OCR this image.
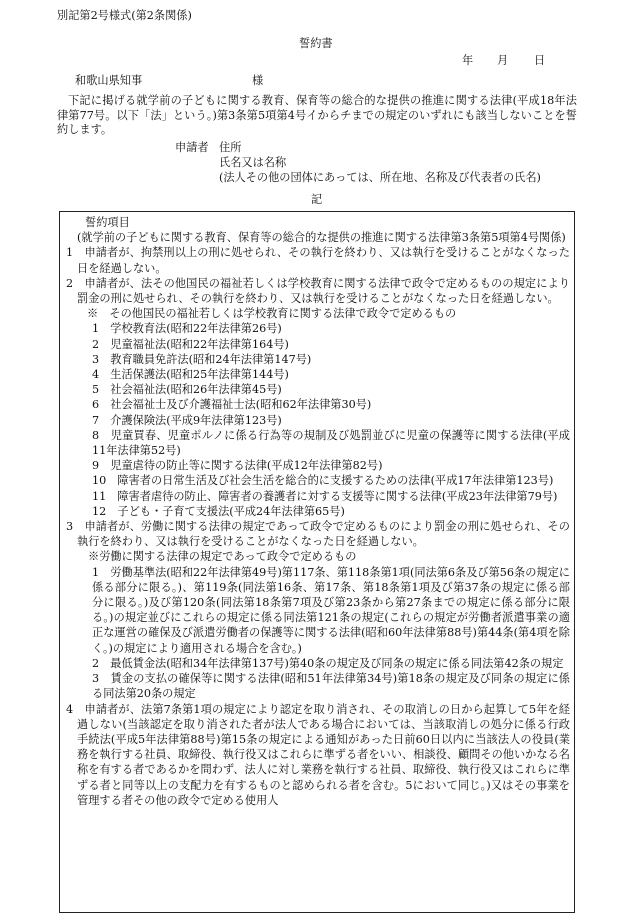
別記第2号様式(第2条関係)
誓約書
年 月 日
和歌山県知事	様
下記に掲げる就学前の子どもに関する教育、保育等の総合的な提供の推進に関する法律(平成18年法律第77号。以下「法」という。)第3条第5項第4号イからチまでの規定のいずれにも該当しないことを誓約します。
申請者 住所
氏名又は名称
(法人その他の団体にあっては、所在地、名称及び代表者の氏名)
記
誓約項目
(就学前の子どもに関する教育、保育等の総合的な提供の推進に関する法律第3条第5項第4号関係)
1　申請者が、拘禁刑以上の刑に処せられ、その執行を終わり、又は執行を受けることがなくなった日を経過しない。
2　申請者が、法その他国民の福祉若しくは学校教育に関する法律で政令で定めるものの規定により罰金の刑に処せられ、その執行を終わり、又は執行を受けることがなくなった日を経過しない。
※　その他国民の福祉若しくは学校教育に関する法律で政令で定めるもの
1　学校教育法(昭和22年法律第26号)
2　児童福祉法(昭和22年法律第164号)
3　教育職員免許法(昭和24年法律第147号)
4　生活保護法(昭和25年法律第144号)
5　社会福祉法(昭和26年法律第45号)
6　社会福祉士及び介護福祉士法(昭和62年法律第30号)
7　介護保険法(平成9年法律第123号)
8　児童買春、児童ポルノに係る行為等の規制及び処罰並びに児童の保護等に関する法律(平成11年法律第52号)
9　児童虐待の防止等に関する法律(平成12年法律第82号)
10　障害者の日常生活及び社会生活を総合的に支援するための法律(平成17年法律第123号)
11　障害者虐待の防止、障害者の養護者に対する支援等に関する法律(平成23年法律第79号)
12　子ども・子育て支援法(平成24年法律第65号)
3　申請者が、労働に関する法律の規定であって政令で定めるものにより罰金の刑に処せられ、その執行を終わり、又は執行を受けることがなくなった日を経過しない。
※労働に関する法律の規定であって政令で定めるもの
1　労働基準法(昭和22年法律第49号)第117条、第118条第1項(同法第6条及び第56条の規定に係る部分に限る。)、第119条(同法第16条、第17条、第18条第1項及び第37条の規定に係る部分に限る。)及び第120条(同法第18条第7項及び第23条から第27条までの規定に係る部分に限る。)の規定並びにこれらの規定に係る同法第121条の規定(これらの規定が労働者派遣事業の適正な運営の確保及び派遣労働者の保護等に関する法律(昭和60年法律第88号)第44条(第4項を除く。)の規定により適用される場合を含む。)
2　最低賃金法(昭和34年法律第137号)第40条の規定及び同条の規定に係る同法第42条の規定
3　賃金の支払の確保等に関する法律(昭和51年法律第34号)第18条の規定及び同条の規定に係る同法第20条の規定
4　申請者が、法第7条第1項の規定により認定を取り消され、その取消しの日から起算して5年を経過しない(当該認定を取り消された者が法人である場合においては、当該取消しの処分に係る行政手続法(平成5年法律第88号)第15条の規定による通知があった日前60日以内に当該法人の役員(業務を執行する社員、取締役、執行役又はこれらに準ずる者をいい、相談役、顧問その他いかなる名称を有する者であるかを問わず、法人に対し業務を執行する社員、取締役、執行役又はこれらに準ずる者と同等以上の支配力を有するものと認められる者を含む。5において同じ。)又はその事業を管理する者その他の政令で定める使用人
